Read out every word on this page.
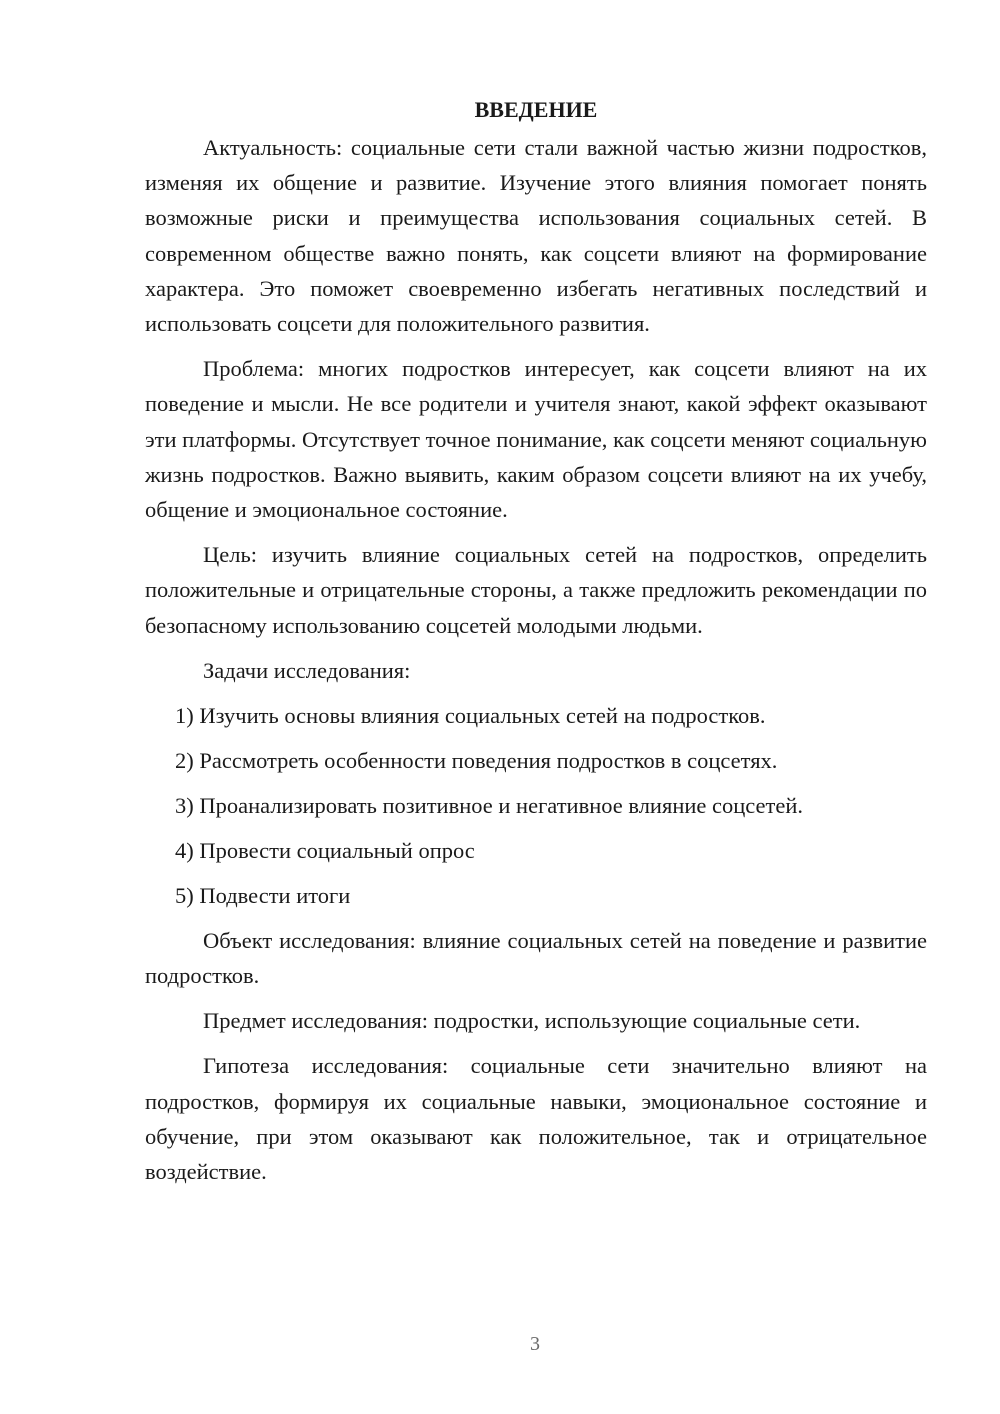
ВВЕДЕНИЕ

Актуальность: социальные сети стали важной частью жизни подростков, изменяя их общение и развитие. Изучение этого влияния помогает понять возможные риски и преимущества использования социальных сетей. В современном обществе важно понять, как соцсети влияют на формирование характера. Это поможет своевременно избегать негативных последствий и использовать соцсети для положительного развития.

Проблема: многих подростков интересует, как соцсети влияют на их поведение и мысли. Не все родители и учителя знают, какой эффект оказывают эти платформы. Отсутствует точное понимание, как соцсети меняют социальную жизнь подростков. Важно выявить, каким образом соцсети влияют на их учебу, общение и эмоциональное состояние.

Цель: изучить влияние социальных сетей на подростков, определить положительные и отрицательные стороны, а также предложить рекомендации по безопасному использованию соцсетей молодыми людьми.

Задачи исследования:

1) Изучить основы влияния социальных сетей на подростков.

2) Рассмотреть особенности поведения подростков в соцсетях.

3) Проанализировать позитивное и негативное влияние соцсетей.

4) Провести социальный опрос

5) Подвести итоги

Объект исследования: влияние социальных сетей на поведение и развитие подростков.

Предмет исследования: подростки, использующие социальные сети.

Гипотеза исследования: социальные сети значительно влияют на подростков, формируя их социальные навыки, эмоциональное состояние и обучение, при этом оказывают как положительное, так и отрицательное воздействие.

3
